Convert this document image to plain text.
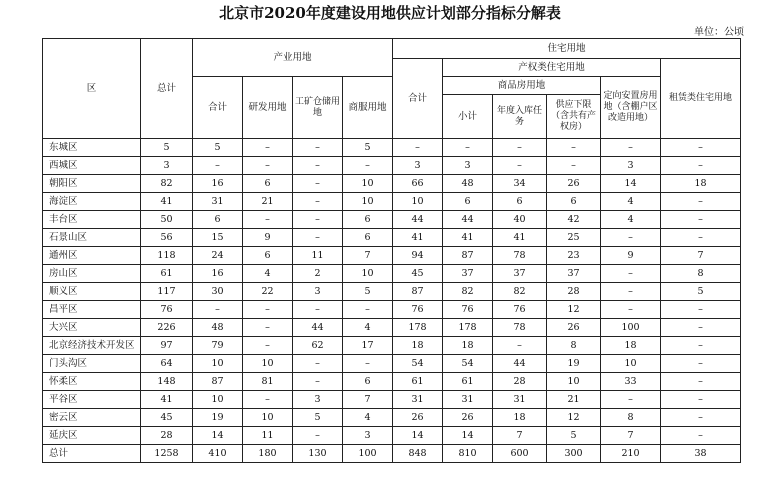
北京市2020年度建设用地供应计划部分指标分解表
单位：公顷
区	总计	产业用地				住宅用地					
						合计	产权类住宅用地				租赁类住宅用地
		合计	研发用地	工矿仓储用地	商服用地		商品房用地			定向安置房用地（含棚户区改造用地）	
							小计	年度入库任务	供应下限（含共有产权房）		
东城区	5	5	–	–	5	–	–	–	–	–	–
西城区	3	–	–	–	–	3	3	–	–	3	–
朝阳区	82	16	6	–	10	66	48	34	26	14	18
海淀区	41	31	21	–	10	10	6	6	6	4	–
丰台区	50	6	–	–	6	44	44	40	42	4	–
石景山区	56	15	9	–	6	41	41	41	25	–	–
通州区	118	24	6	11	7	94	87	78	23	9	7
房山区	61	16	4	2	10	45	37	37	37	–	8
顺义区	117	30	22	3	5	87	82	82	28	–	5
昌平区	76	–	–	–	–	76	76	76	12	–	–
大兴区	226	48	–	44	4	178	178	78	26	100	–
北京经济技术开发区	97	79	–	62	17	18	18	–	8	18	–
门头沟区	64	10	10	–	–	54	54	44	19	10	–
怀柔区	148	87	81	–	6	61	61	28	10	33	–
平谷区	41	10	–	3	7	31	31	31	21	–	–
密云区	45	19	10	5	4	26	26	18	12	8	–
延庆区	28	14	11	–	3	14	14	7	5	7	–
总计	1258	410	180	130	100	848	810	600	300	210	38
